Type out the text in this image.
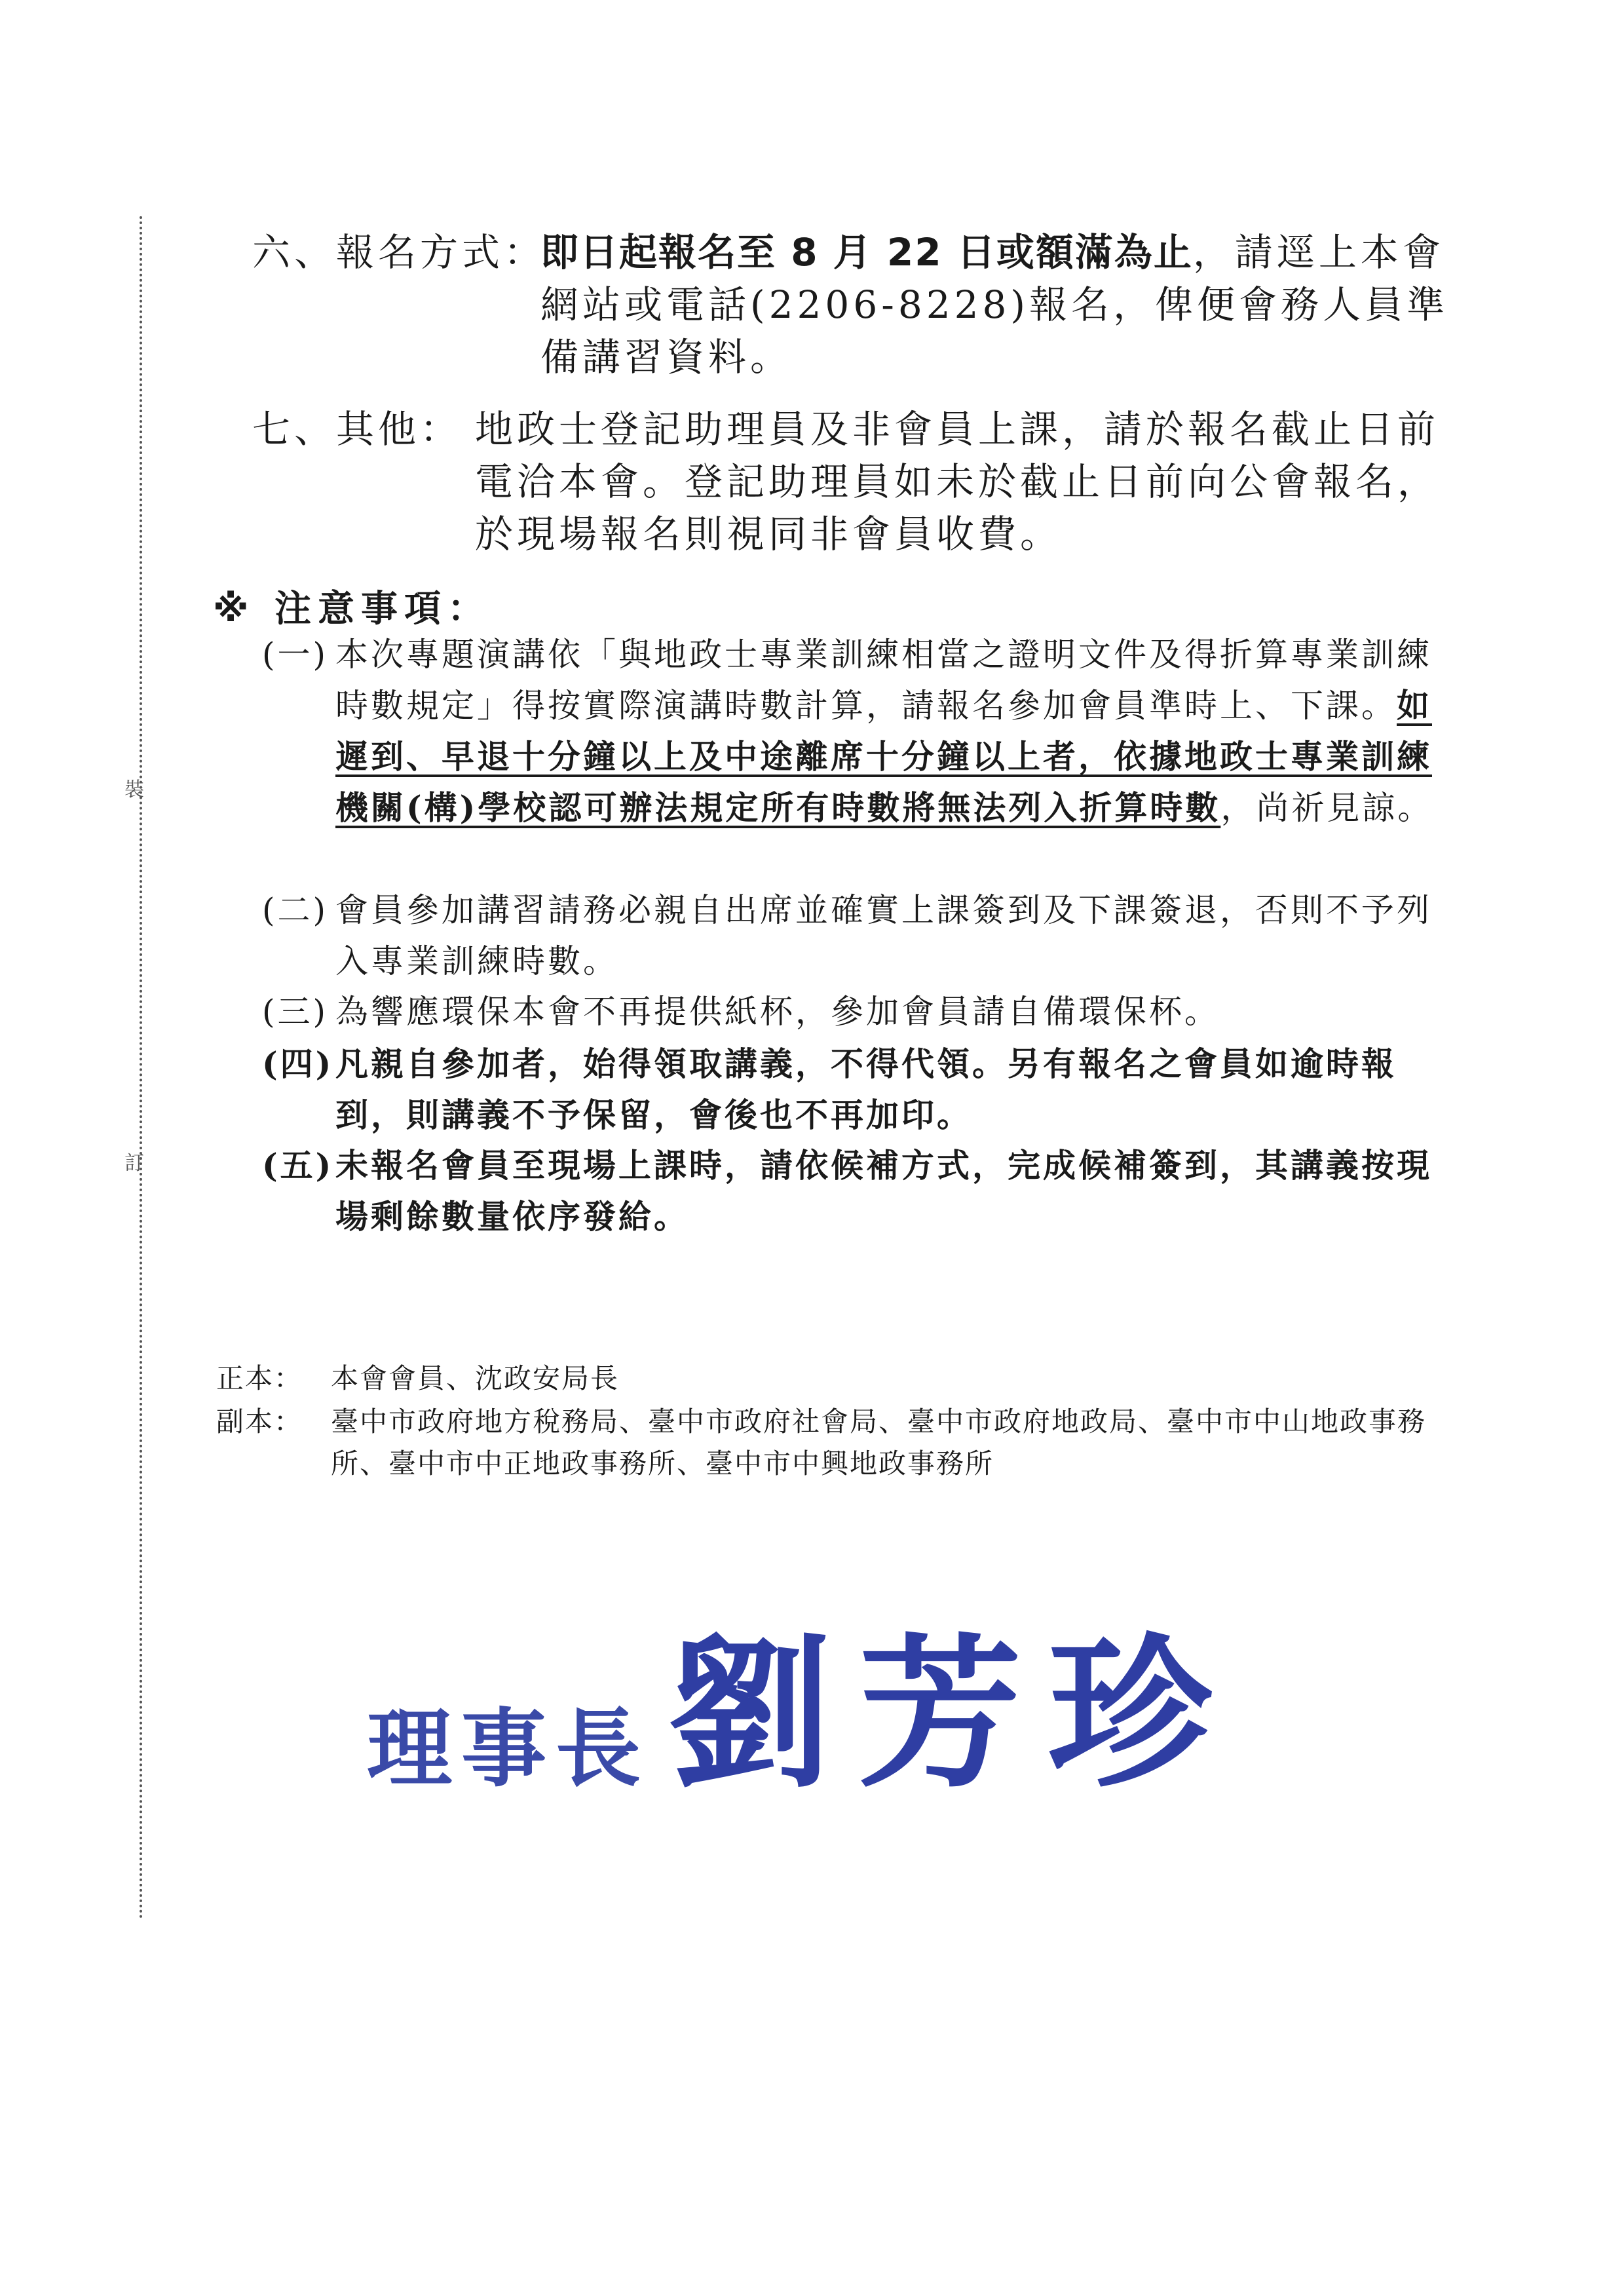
裝
訂
六、報名方式：
即日起報名至 8 月 22 日或額滿為止，請逕上本會網站或電話(2206-8228)報名，俾便會務人員準備講習資料。
七、其他： 地政士登記助理員及非會員上課，請於報名截止日前電洽本會。登記助理員如未於截止日前向公會報名，於現場報名則視同非會員收費。
※ 注意事項：
(一) 本次專題演講依「與地政士專業訓練相當之證明文件及得折算專業訓練時數規定」得按實際演講時數計算，請報名參加會員準時上、下課。如遲到、早退十分鐘以上及中途離席十分鐘以上者，依據地政士專業訓練機關(構)學校認可辦法規定所有時數將無法列入折算時數，尚祈見諒。
(二) 會員參加講習請務必親自出席並確實上課簽到及下課簽退，否則不予列入專業訓練時數。
(三) 為響應環保本會不再提供紙杯，參加會員請自備環保杯。
(四) 凡親自參加者，始得領取講義，不得代領。另有報名之會員如逾時報到，則講義不予保留，會後也不再加印。
(五) 未報名會員至現場上課時，請依候補方式，完成候補簽到，其講義按現場剩餘數量依序發給。
正本：	本會會員、沈政安局長
副本：	臺中市政府地方稅務局、臺中市政府社會局、臺中市政府地政局、臺中市中山地政事務所、臺中市中正地政事務所、臺中市中興地政事務所
理事長 劉芳珍
